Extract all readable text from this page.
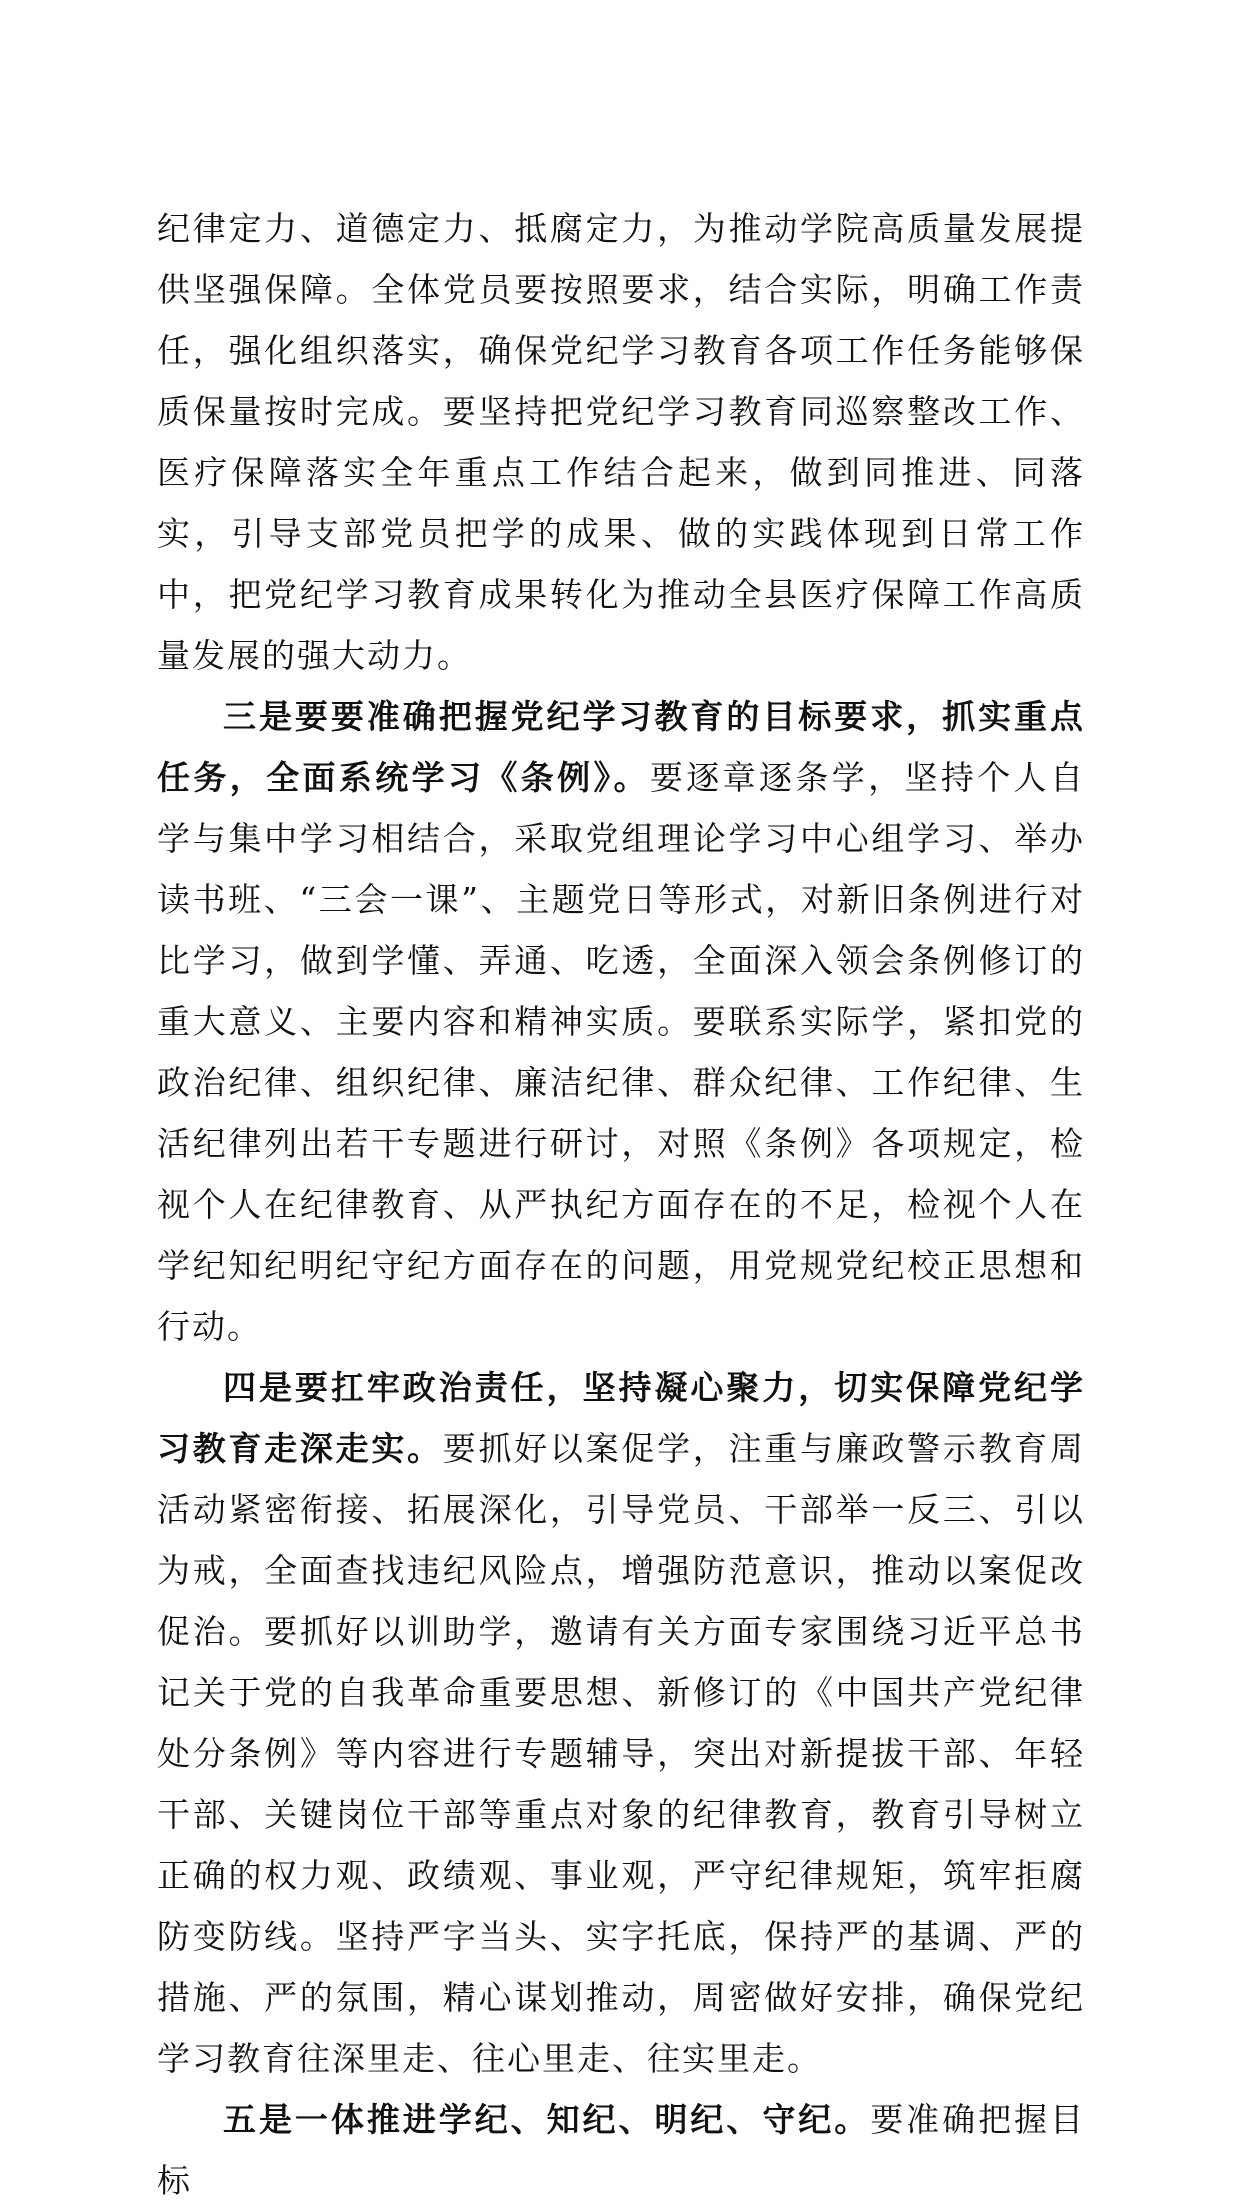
纪律定力、道德定力、抵腐定力，为推动学院高质量发展提供坚强保障。全体党员要按照要求，结合实际，明确工作责任，强化组织落实，确保党纪学习教育各项工作任务能够保质保量按时完成。要坚持把党纪学习教育同巡察整改工作、医疗保障落实全年重点工作结合起来，做到同推进、同落实，引导支部党员把学的成果、做的实践体现到日常工作中，把党纪学习教育成果转化为推动全县医疗保障工作高质量发展的强大动力。

三是要要准确把握党纪学习教育的目标要求，抓实重点任务，全面系统学习《条例》。要逐章逐条学，坚持个人自学与集中学习相结合，采取党组理论学习中心组学习、举办读书班、“三会一课”、主题党日等形式，对新旧条例进行对比学习，做到学懂、弄通、吃透，全面深入领会条例修订的重大意义、主要内容和精神实质。要联系实际学，紧扣党的政治纪律、组织纪律、廉洁纪律、群众纪律、工作纪律、生活纪律列出若干专题进行研讨，对照《条例》各项规定，检视个人在纪律教育、从严执纪方面存在的不足，检视个人在学纪知纪明纪守纪方面存在的问题，用党规党纪校正思想和行动。

四是要扛牢政治责任，坚持凝心聚力，切实保障党纪学习教育走深走实。要抓好以案促学，注重与廉政警示教育周活动紧密衔接、拓展深化，引导党员、干部举一反三、引以为戒，全面查找违纪风险点，增强防范意识，推动以案促改促治。要抓好以训助学，邀请有关方面专家围绕习近平总书记关于党的自我革命重要思想、新修订的《中国共产党纪律处分条例》等内容进行专题辅导，突出对新提拔干部、年轻干部、关键岗位干部等重点对象的纪律教育，教育引导树立正确的权力观、政绩观、事业观，严守纪律规矩，筑牢拒腐防变防线。坚持严字当头、实字托底，保持严的基调、严的措施、严的氛围，精心谋划推动，周密做好安排，确保党纪学习教育往深里走、往心里走、往实里走。

五是一体推进学纪、知纪、明纪、守纪。要准确把握目标
